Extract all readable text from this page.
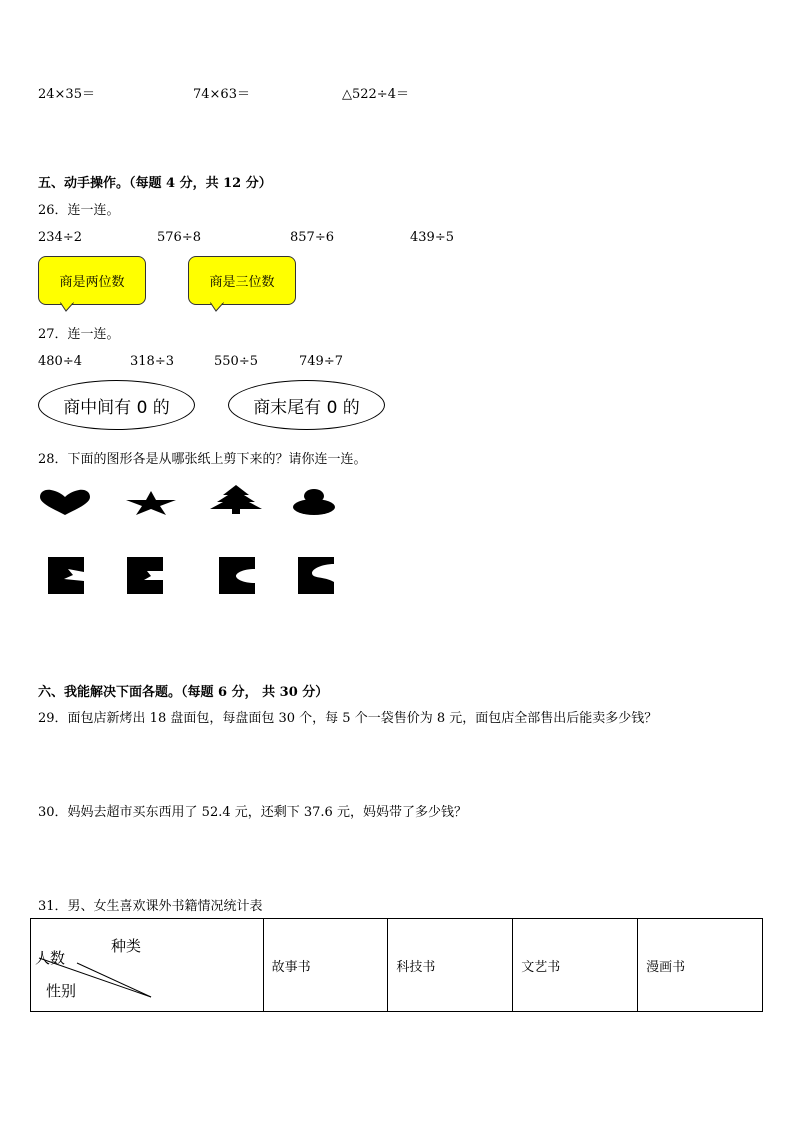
24×35＝	74×63＝	△522÷4＝
五、动手操作。（每题 4 分，共 12 分）
26．连一连。
234÷2	576÷8	857÷6	439÷5
商是两位数	商是三位数
27．连一连。
480÷4	318÷3	550÷5	749÷7
商中间有 0 的	商末尾有 0 的
28．下面的图形各是从哪张纸上剪下来的？请你连一连。
六、我能解决下面各题。（每题 6 分， 共 30 分）
29．面包店新烤出 18 盘面包，每盘面包 30 个，每 5 个一袋售价为 8 元，面包店全部售出后能卖多少钱？
30．妈妈去超市买东西用了 52.4 元，还剩下 37.6 元，妈妈带了多少钱？
31．男、女生喜欢课外书籍情况统计表
种类
人数
性别
	故事书	科技书	文艺书	漫画书
